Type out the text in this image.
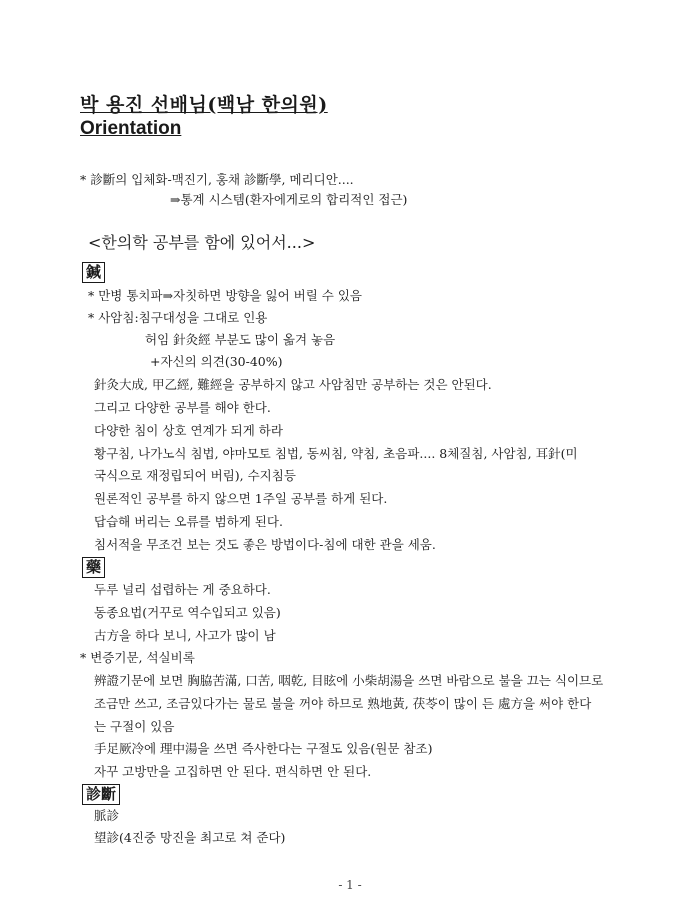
박 용진 선배님(백남 한의원)
Orientation
* 診斷의 입체화-맥진기, 홍채 診斷學, 메리디안....
⇒통계 시스템(환자에게로의 합리적인 접근)
<한의학 공부를 함에 있어서...>
鍼
* 만병 통치파⇒자칫하면 방향을 잃어 버릴 수 있음
* 사암침:침구대성을 그대로 인용
허임 針灸經 부분도 많이 옮겨 놓음
+자신의 의견(30-40%)
針灸大成, 甲乙經, 難經을 공부하지 않고 사암침만 공부하는 것은 안된다.
그리고 다양한 공부를 해야 한다.
다양한 침이 상호 연계가 되게 하라
황구침, 나가노식 침법, 야마모토 침법, 동씨침, 약침, 초음파.... 8체질침, 사암침, 耳針(미
국식으로 재정립되어 버림), 수지침등
원론적인 공부를 하지 않으면 1주일 공부를 하게 된다.
답습해 버리는 오류를 범하게 된다.
침서적을 무조건 보는 것도 좋은 방법이다-침에 대한 관을 세움.
藥
두루 널리 섭렵하는 게 중요하다.
동종요법(거꾸로 역수입되고 있음)
古方을 하다 보니, 사고가 많이 남
* 변증기문, 석실비록
辨證기문에 보면 胸脇苦滿, 口苦, 咽乾, 目眩에 小柴胡湯을 쓰면 바람으로 불을 끄는 식이므로
조금만 쓰고, 조금있다가는 물로 불을 꺼야 하므로 熟地黃, 茯苓이 많이 든 處方을 써야 한다
는 구절이 있음
手足厥冷에 理中湯을 쓰면 즉사한다는 구절도 있음(원문 참조)
자꾸 고방만을 고집하면 안 된다. 편식하면 안 된다.
診斷
脈診
望診(4진중 망진을 최고로 쳐 준다)
- 1 -
